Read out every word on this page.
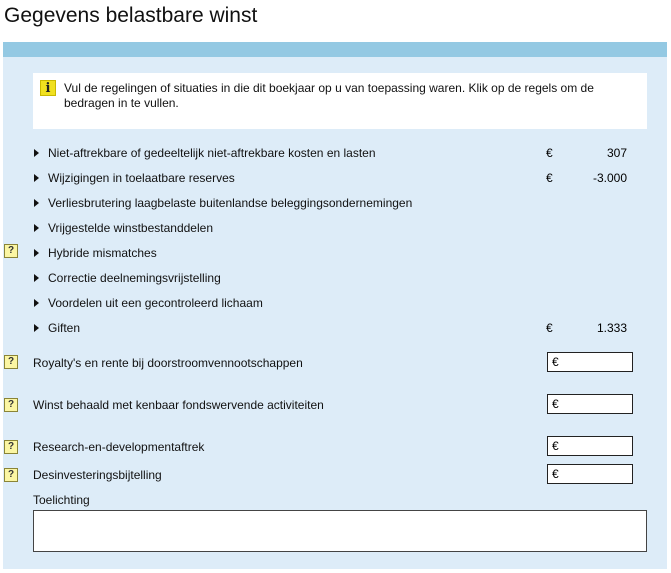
Gegevens belastbare winst
i	Vul de regelingen of situaties in die dit boekjaar op u van toepassing waren. Klik op de regels om de bedragen in te vullen.
Niet-aftrekbare of gedeeltelijk niet-aftrekbare kosten en lasten	€	307
Wijzigingen in toelaatbare reserves	€	-3.000
Verliesbrutering laagbelaste buitenlandse beleggingsondernemingen
Vrijgestelde winstbestanddelen
?	Hybride mismatches
Correctie deelnemingsvrijstelling
Voordelen uit een gecontroleerd lichaam
Giften	€	1.333
?	Royalty's en rente bij doorstroomvennootschappen	€
?	Winst behaald met kenbaar fondswervende activiteiten	€
?	Research-en-developmentaftrek	€
?	Desinvesteringsbijtelling	€
Toelichting
